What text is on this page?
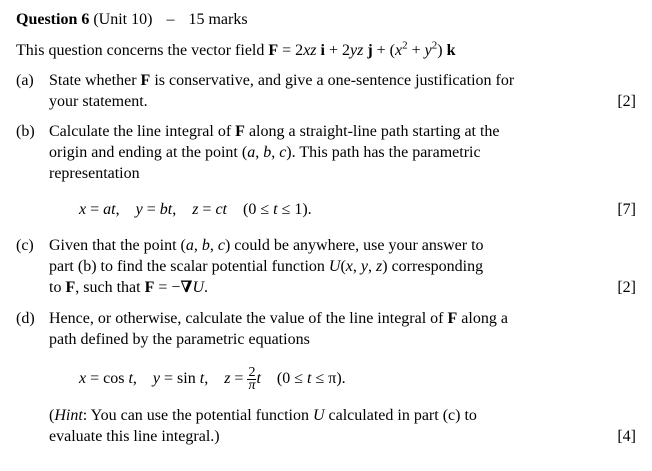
Question 6 (Unit 10) – 15 marks
This question concerns the vector field F = 2xz i + 2yz $j + (x^2 + y^2)$ k
(a) State whether F is conservative, and give a one-sentence justification for
your statement.	[2]
(b) Calculate the line integral of F along a straight-line path starting at the
origin and ending at the point (a, b, c). This path has the parametric
representation
x = at,    y = bt,    z = ct    (0 ≤ t ≤ 1).	[7]
(c) Given that the point (a, b, c) could be anywhere, use your answer to
part (b) to find the scalar potential function U(x, y, z) corresponding
to F, such that F = −∇U.	[2]
(d) Hence, or otherwise, calculate the value of the line integral of F along a
path defined by the parametric equations
x = cos t,    y = sin t,    $z = \frac{2}{\pi}$ t    (0 ≤ t ≤ π).
(Hint: You can use the potential function U calculated in part (c) to
evaluate this line integral.)	[4]
